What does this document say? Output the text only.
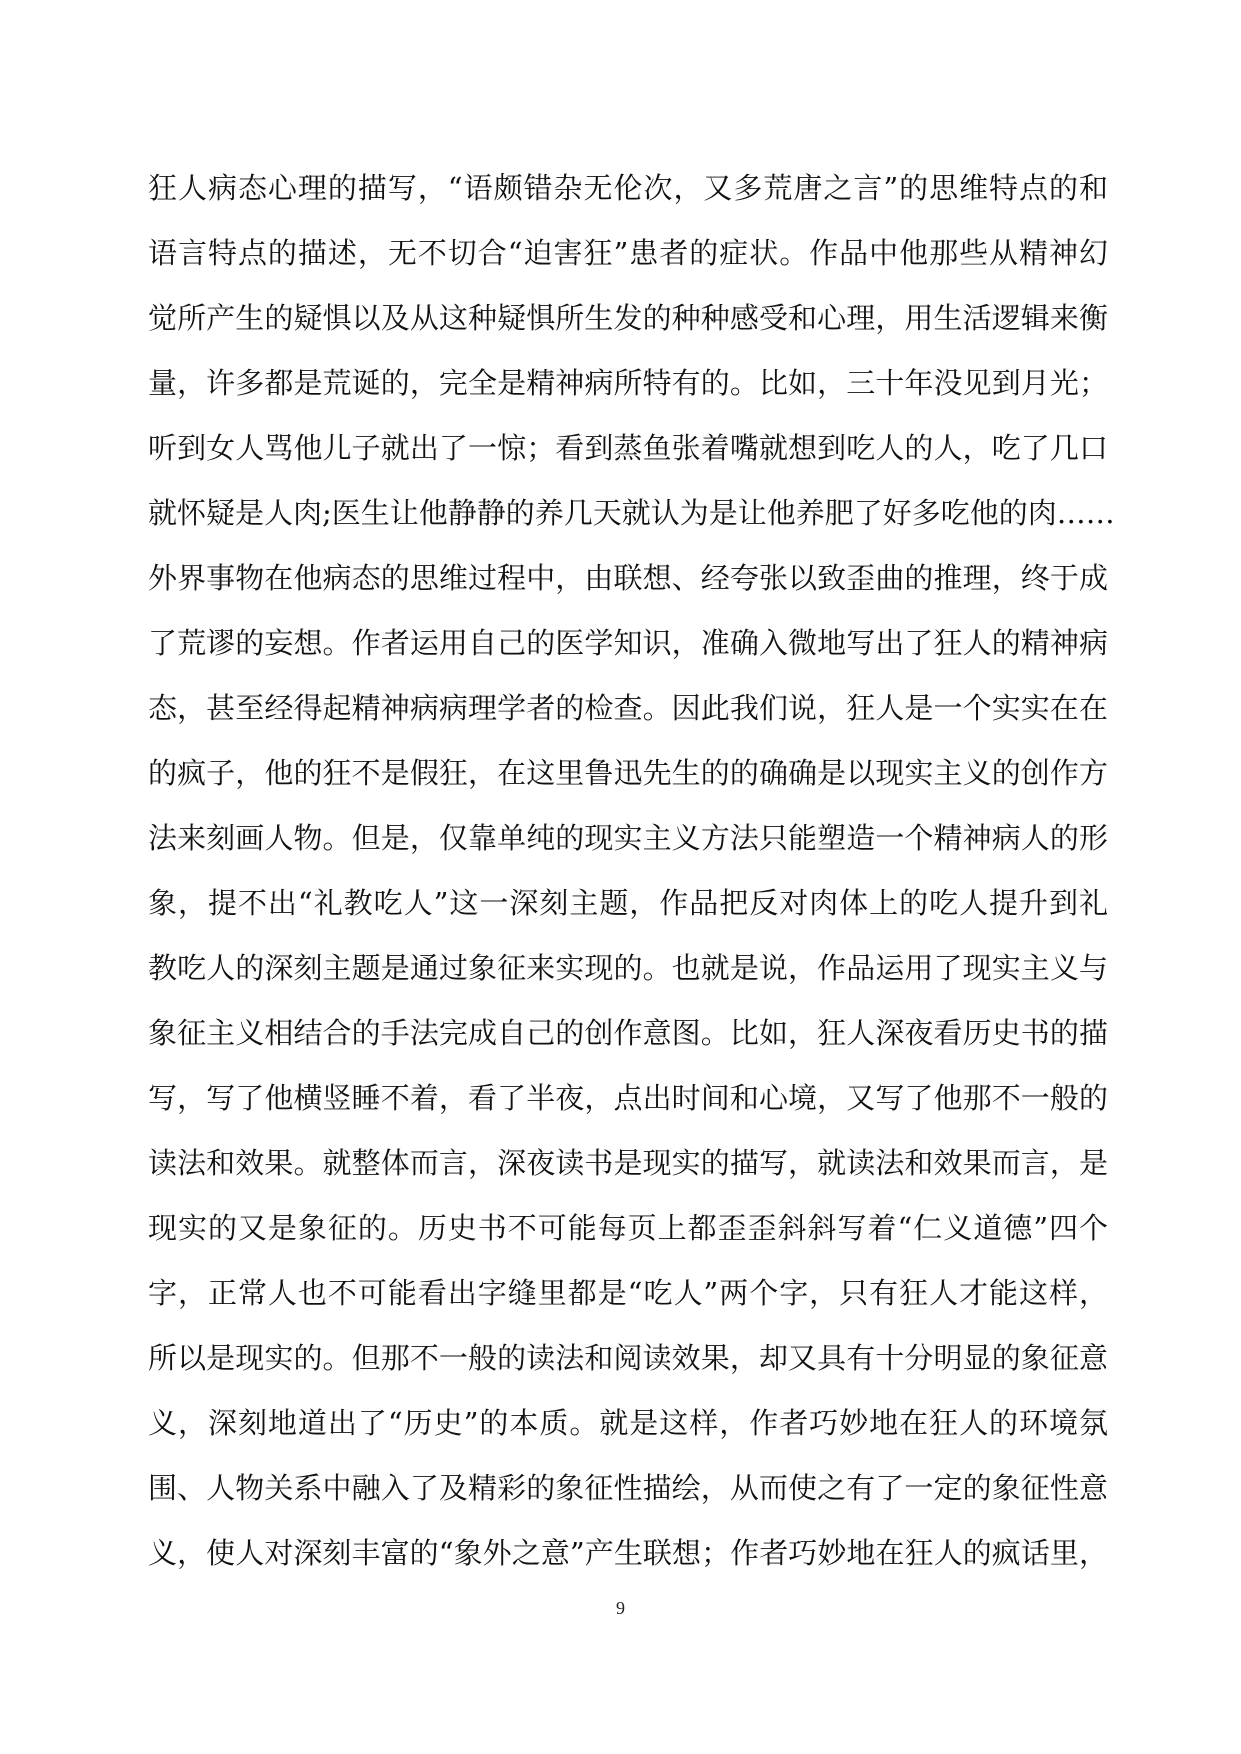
狂人病态心理的描写，“语颇错杂无伦次，又多荒唐之言”的思维特点的和
语言特点的描述，无不切合“迫害狂”患者的症状。作品中他那些从精神幻
觉所产生的疑惧以及从这种疑惧所生发的种种感受和心理，用生活逻辑来衡
量，许多都是荒诞的，完全是精神病所特有的。比如，三十年没见到月光；
听到女人骂他儿子就出了一惊；看到蒸鱼张着嘴就想到吃人的人，吃了几口
就怀疑是人肉;医生让他静静的养几天就认为是让他养肥了好多吃他的肉……
外界事物在他病态的思维过程中，由联想、经夸张以致歪曲的推理，终于成
了荒谬的妄想。作者运用自己的医学知识，准确入微地写出了狂人的精神病
态，甚至经得起精神病病理学者的检查。因此我们说，狂人是一个实实在在
的疯子，他的狂不是假狂，在这里鲁迅先生的的确确是以现实主义的创作方
法来刻画人物。但是，仅靠单纯的现实主义方法只能塑造一个精神病人的形
象，提不出“礼教吃人”这一深刻主题，作品把反对肉体上的吃人提升到礼
教吃人的深刻主题是通过象征来实现的。也就是说，作品运用了现实主义与
象征主义相结合的手法完成自己的创作意图。比如，狂人深夜看历史书的描
写，写了他横竖睡不着，看了半夜，点出时间和心境，又写了他那不一般的
读法和效果。就整体而言，深夜读书是现实的描写，就读法和效果而言，是
现实的又是象征的。历史书不可能每页上都歪歪斜斜写着“仁义道德”四个
字，正常人也不可能看出字缝里都是“吃人”两个字，只有狂人才能这样，
所以是现实的。但那不一般的读法和阅读效果，却又具有十分明显的象征意
义，深刻地道出了“历史”的本质。就是这样，作者巧妙地在狂人的环境氛
围、人物关系中融入了及精彩的象征性描绘，从而使之有了一定的象征性意
义，使人对深刻丰富的“象外之意”产生联想；作者巧妙地在狂人的疯话里，
9
